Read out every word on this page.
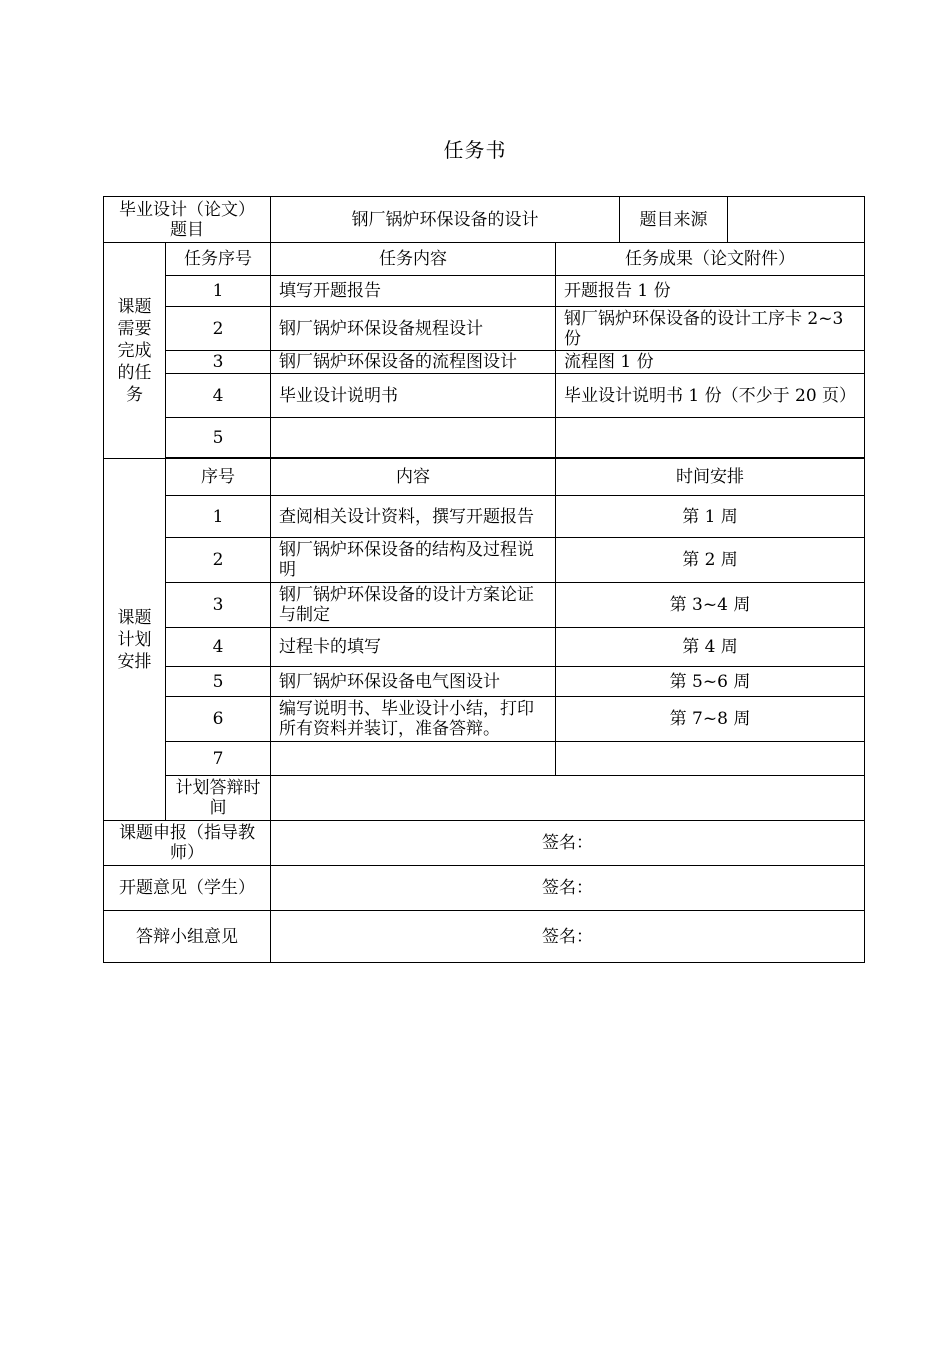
任务书
毕业设计（论文）题目		钢厂锅炉环保设备的设计		题目来源	

课题
需要
完成
的任
务	任务序号	任务内容	任务成果（论文附件）		
	1	填写开题报告	开题报告 1 份		
	2	钢厂锅炉环保设备规程设计	钢厂锅炉环保设备的设计工序卡 2~3 份		
	3	钢厂锅炉环保设备的流程图设计	流程图 1 份		
	4	毕业设计说明书	毕业设计说明书 1 份（不少于 20 页）		
	5				

课题
计划
安排	序号	内容	时间安排		
	1	查阅相关设计资料，撰写开题报告	第 1 周		
	2	钢厂锅炉环保设备的结构及过程说明	第 2 周		
	3	钢厂锅炉环保设备的设计方案论证与制定	第 3~4 周		
	4	过程卡的填写	第 4 周		
	5	钢厂锅炉环保设备电气图设计	第 5~6 周		
	6	编写说明书、毕业设计小结，打印所有资料并装订，准备答辩。	第 7~8 周		
	7				
	计划答辩时间				
课题申报（指导教师）		签名：			
开题意见（学生）		签名：			
答辩小组意见		签名：			
